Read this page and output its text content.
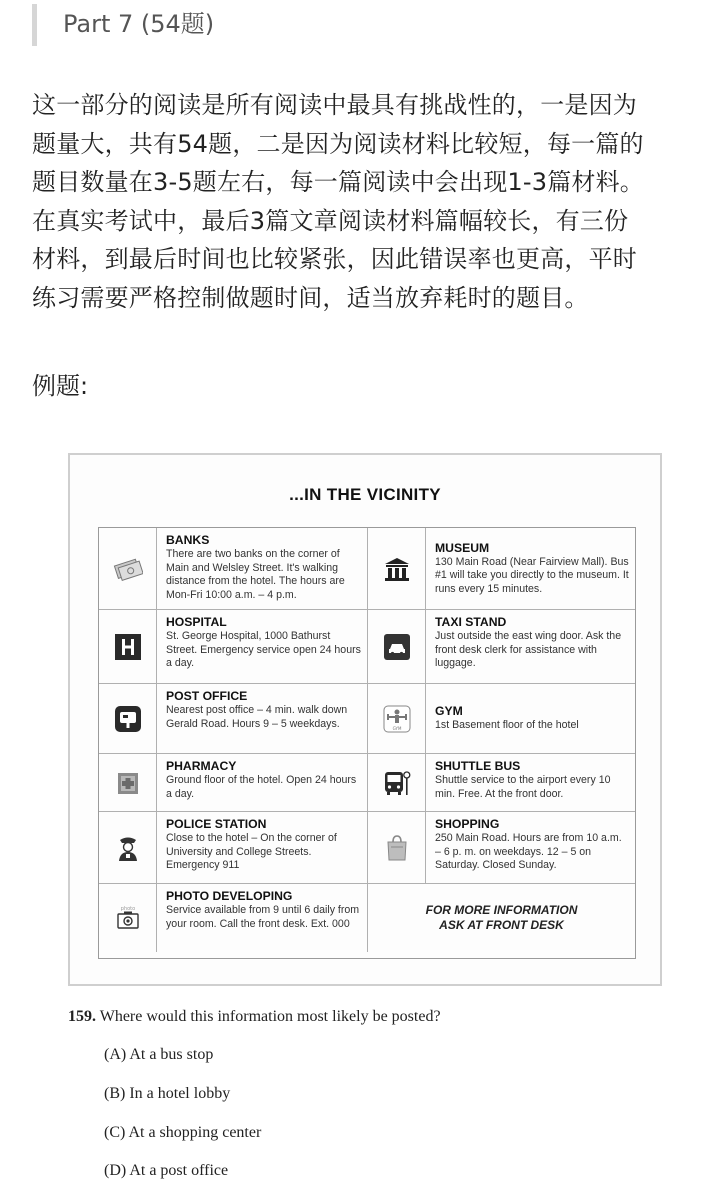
Part 7 (54题)
这一部分的阅读是所有阅读中最具有挑战性的，一是因为
题量大，共有54题，二是因为阅读材料比较短，每一篇的
题目数量在3-5题左右，每一篇阅读中会出现1-3篇材料。
在真实考试中，最后3篇文章阅读材料篇幅较长，有三份
材料，到最后时间也比较紧张，因此错误率也更高，平时
练习需要严格控制做题时间，适当放弃耗时的题目。
例题:
...IN THE VICINITY
BANKS
There are two banks on the corner of Main and Welsley Street. It's walking distance from the hotel. The hours are Mon-Fri 10:00 a.m. – 4 p.m.
MUSEUM
130 Main Road (Near Fairview Mall). Bus #1 will take you directly to the museum. It runs every 15 minutes.
HOSPITAL
St. George Hospital, 1000 Bathurst Street. Emergency service open 24 hours a day.
TAXI STAND
Just outside the east wing door. Ask the front desk clerk for assistance with luggage.
POST OFFICE
Nearest post office – 4 min. walk down Gerald Road. Hours 9 – 5 weekdays.	GYM
GYM
1st Basement floor of the hotel
PHARMACY
Ground floor of the hotel. Open 24 hours a day.
SHUTTLE BUS
Shuttle service to the airport every 10 min. Free. At the front door.
POLICE STATION
Close to the hotel – On the corner of University and College Streets. Emergency 911
SHOPPING
250 Main Road. Hours are from 10 a.m. – 6 p. m. on weekdays. 12 – 5 on Saturday. Closed Sunday.
photo
PHOTO DEVELOPING
Service available from 9 until 6 daily from your room. Call the front desk. Ext. 000
FOR MORE INFORMATION
ASK AT FRONT DESK
159. Where would this information most likely be posted?
(A) At a bus stop
(B) In a hotel lobby
(C) At a shopping center
(D) At a post office
